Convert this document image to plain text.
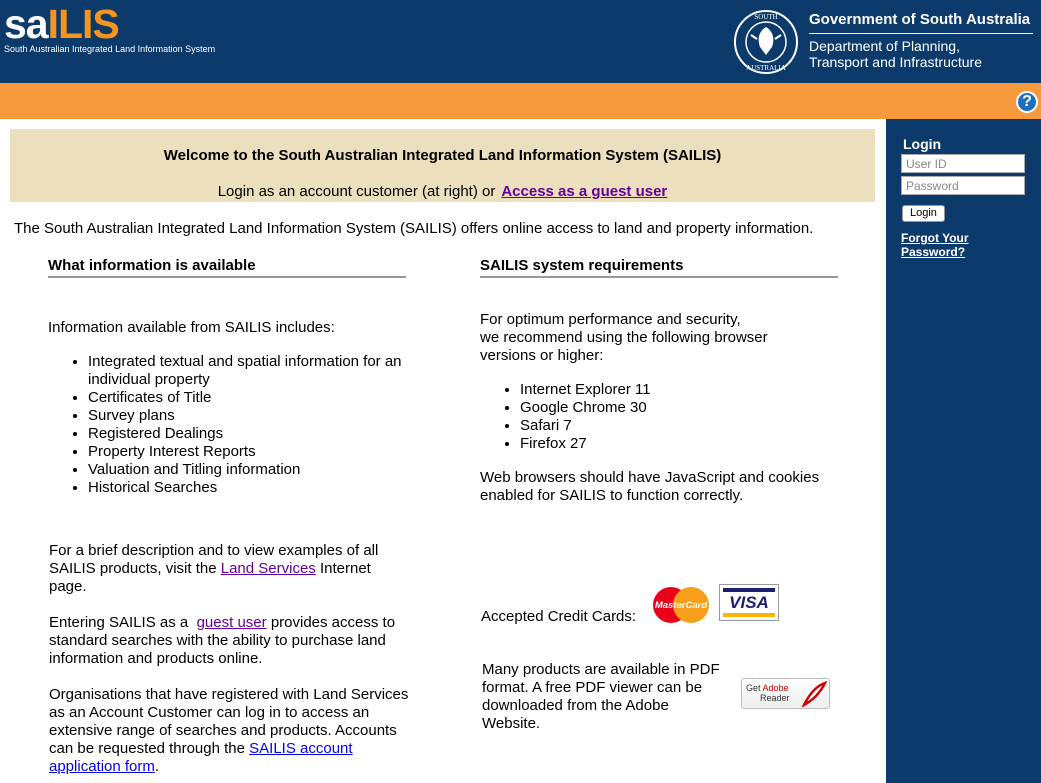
saILIS
South Australian Integrated Land Information System
SOUTH
AUSTRALIA
Government of South Australia
Department of Planning,
Transport and Infrastructure
?
Login
User ID
Login
Forgot Your Password?
Welcome to the South Australian Integrated Land Information System (SAILIS)
Login as an account customer (at right) or Access as a guest user
The South Australian Integrated Land Information System (SAILIS) offers online access to land and property information.
What information is available
Information available from SAILIS includes:
• Integrated textual and spatial information for an individual property
• Certificates of Title
• Survey plans
• Registered Dealings
• Property Interest Reports
• Valuation and Titling information
• Historical Searches
For a brief description and to view examples of all SAILIS products, visit the Land Services Internet page.
Entering SAILIS as a guest user provides access to standard searches with the ability to purchase land information and products online.
Organisations that have registered with Land Services as an Account Customer can log in to access an extensive range of searches and products. Accounts can be requested through the SAILIS account application form.
SAILIS system requirements
For optimum performance and security,
we recommend using the following browser
versions or higher:
• Internet Explorer 11
• Google Chrome 30
• Safari 7
• Firefox 27
Web browsers should have JavaScript and cookies enabled for SAILIS to function correctly.
Accepted Credit Cards:
MasterCard	VISA
Many products are available in PDF format. A free PDF viewer can be downloaded from the Adobe Website.
Get Adobe
Reader
